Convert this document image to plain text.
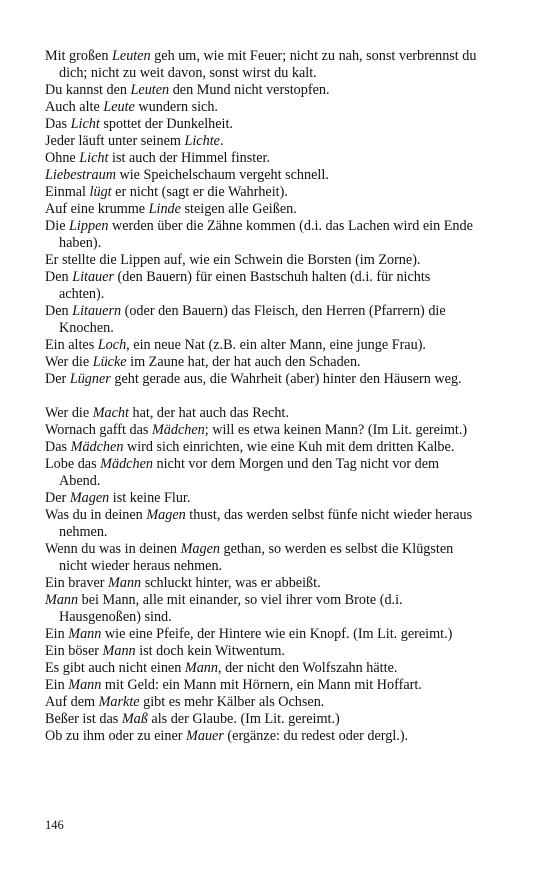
Mit großen Leuten geh um, wie mit Feuer; nicht zu nah, sonst verbrennst du dich; nicht zu weit davon, sonst wirst du kalt.

Du kannst den Leuten den Mund nicht verstopfen.

Auch alte Leute wundern sich.

Das Licht spottet der Dunkelheit.

Jeder läuft unter seinem Lichte.

Ohne Licht ist auch der Himmel finster.

Liebestraum wie Speichelschaum vergeht schnell.

Einmal lügt er nicht (sagt er die Wahrheit).

Auf eine krumme Linde steigen alle Geißen.

Die Lippen werden über die Zähne kommen (d.i. das Lachen wird ein Ende haben).

Er stellte die Lippen auf, wie ein Schwein die Borsten (im Zorne).

Den Litauer (den Bauern) für einen Bastschuh halten (d.i. für nichts achten).

Den Litauern (oder den Bauern) das Fleisch, den Herren (Pfarrern) die Knochen.

Ein altes Loch, ein neue Nat (z.B. ein alter Mann, eine junge Frau).

Wer die Lücke im Zaune hat, der hat auch den Schaden.

Der Lügner geht gerade aus, die Wahrheit (aber) hinter den Häusern weg.

Wer die Macht hat, der hat auch das Recht.

Wornach gafft das Mädchen; will es etwa keinen Mann? (Im Lit. gereimt.)

Das Mädchen wird sich einrichten, wie eine Kuh mit dem dritten Kalbe.

Lobe das Mädchen nicht vor dem Morgen und den Tag nicht vor dem Abend.

Der Magen ist keine Flur.

Was du in deinen Magen thust, das werden selbst fünfe nicht wieder heraus nehmen.

Wenn du was in deinen Magen gethan, so werden es selbst die Klügsten nicht wieder heraus nehmen.

Ein braver Mann schluckt hinter, was er abbeißt.

Mann bei Mann, alle mit einander, so viel ihrer vom Brote (d.i. Hausgenoßen) sind.

Ein Mann wie eine Pfeife, der Hintere wie ein Knopf. (Im Lit. gereimt.)

Ein böser Mann ist doch kein Witwentum.

Es gibt auch nicht einen Mann, der nicht den Wolfszahn hätte.

Ein Mann mit Geld: ein Mann mit Hörnern, ein Mann mit Hoffart.

Auf dem Markte gibt es mehr Kälber als Ochsen.

Beßer ist das Maß als der Glaube. (Im Lit. gereimt.)

Ob zu ihm oder zu einer Mauer (ergänze: du redest oder dergl.).

146
